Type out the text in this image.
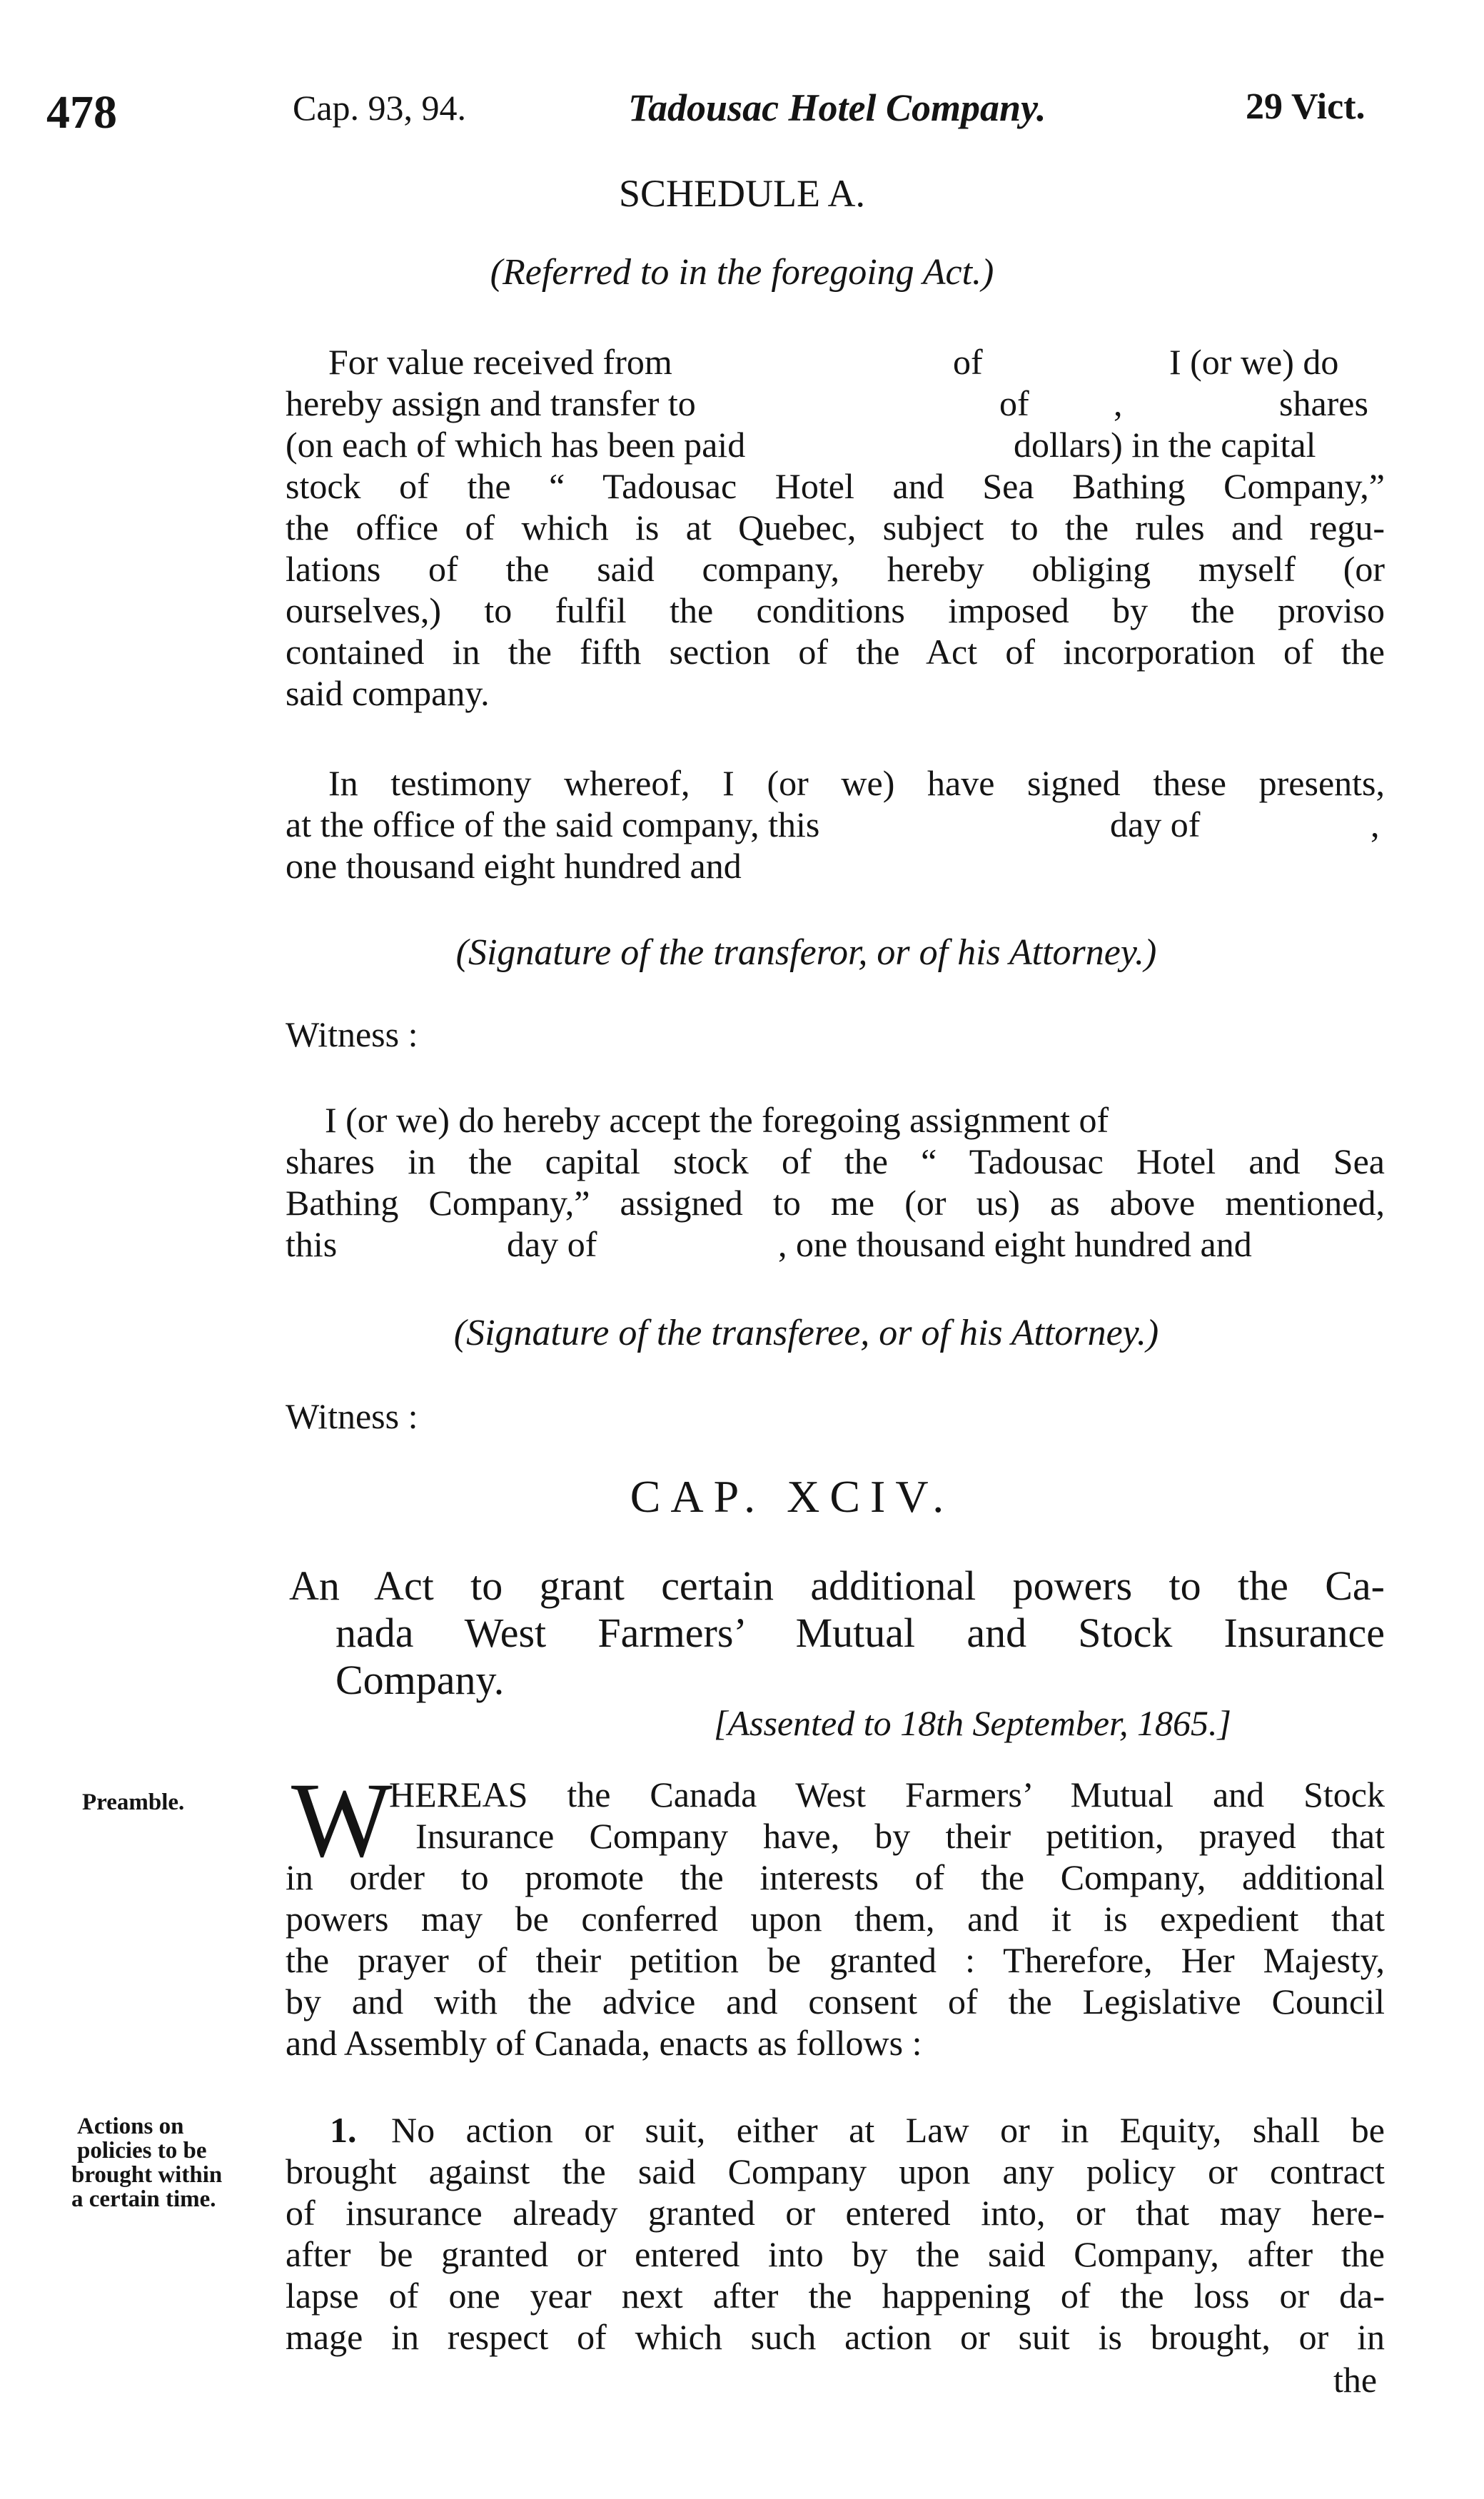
478	Cap. 93, 94.	Tadousac Hotel Company.	29 Vict.
SCHEDULE A.
(Referred to in the foregoing Act.)
For value received from	of	I (or we) do
hereby assign and transfer to	of ,	shares
(on each of which has been paid	dollars) in the capital
stock of the “ Tadousac Hotel and Sea Bathing Company,”
the office of which is at Quebec, subject to the rules and regu-
lations of the said company, hereby obliging myself (or
ourselves,) to fulfil the conditions imposed by the proviso
contained in the fifth section of the Act of incorporation of the
said company.
In testimony whereof, I (or we) have signed these presents,
at the office of the said company, this	day of	,
one thousand eight hundred and
(Signature of the transferor, or of his Attorney.)
Witness :
I (or we) do hereby accept the foregoing assignment of
shares in the capital stock of the “ Tadousac Hotel and Sea
Bathing Company,” assigned to me (or us) as above mentioned,
this	day of	, one thousand eight hundred and
(Signature of the transferee, or of his Attorney.)
Witness :
CAP. XCIV.
An Act to grant certain additional powers to the Ca-
nada West Farmers’ Mutual and Stock Insurance
Company.
[Assented to 18th September, 1865.]
Preamble. W
HEREAS the Canada West Farmers’ Mutual and Stock
Insurance Company have, by their petition, prayed that
in order to promote the interests of the Company, additional
powers may be conferred upon them, and it is expedient that
the prayer of their petition be granted : Therefore, Her Majesty,
by and with the advice and consent of the Legislative Council
and Assembly of Canada, enacts as follows :
Actions on
policies to be
brought within
a certain time.
1. No action or suit, either at Law or in Equity, shall be
brought against the said Company upon any policy or contract
of insurance already granted or entered into, or that may here-
after be granted or entered into by the said Company, after the
lapse of one year next after the happening of the loss or da-
mage in respect of which such action or suit is brought, or in
the
